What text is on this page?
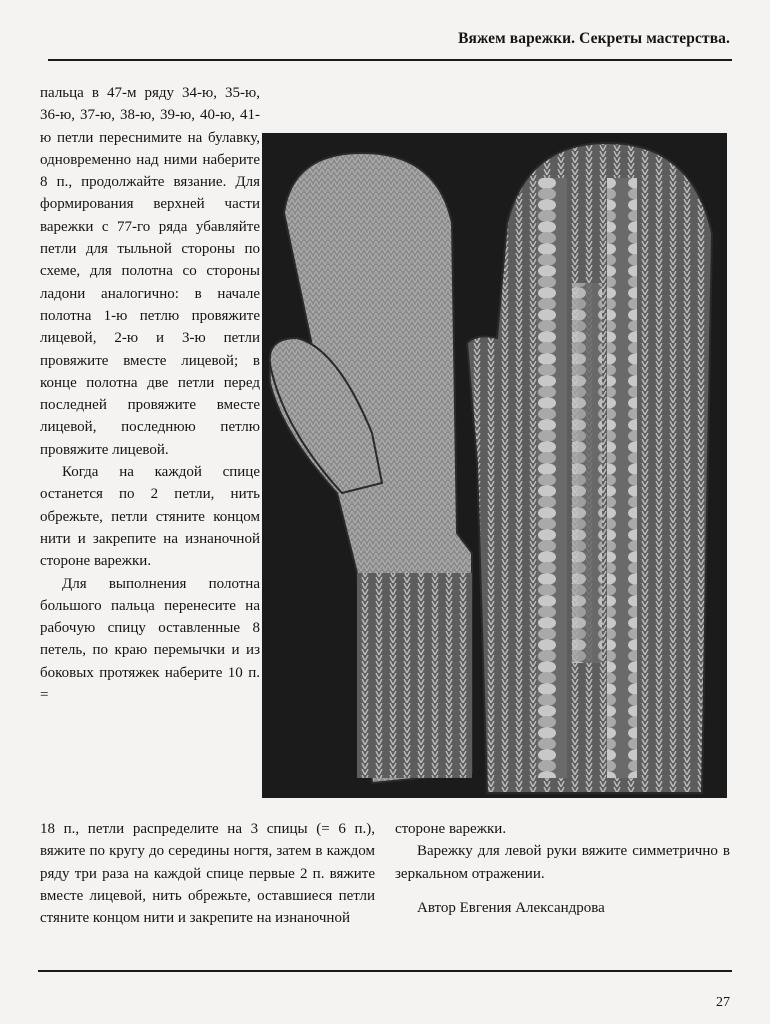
Вяжем варежки. Секреты мастерства.

пальца в 47-м ряду 34-ю, 35-ю, 36-ю, 37-ю, 38-ю, 39-ю, 40-ю, 41-ю петли переснимите на булавку, одновременно над ними наберите 8 п., продолжайте вязание. Для формирования верхней части варежки с 77-го ряда убавляйте петли для тыльной стороны по схеме, для полотна со стороны ладони аналогично: в начале полотна 1-ю петлю провяжите лицевой, 2-ю и 3-ю петли провяжите вместе лицевой; в конце полотна две петли перед последней провяжите вместе лицевой, последнюю петлю провяжите лицевой.

Когда на каждой спице останется по 2 петли, нить обрежьте, петли стяните концом нити и закрепите на изнаночной стороне варежки.

Для выполнения полотна большого пальца перенесите на рабочую спицу оставленные 8 петель, по краю перемычки и из боковых протяжек наберите 10 п. =

18 п., петли распределите на 3 спицы (= 6 п.), вяжите по кругу до середины ногтя, затем в каждом ряду три раза на каждой спице первые 2 п. вяжите вместе лицевой, нить обрежьте, оставшиеся петли стяните концом нити и закрепите на изнаночной

стороне варежки.

Варежку для левой руки вяжите симметрично в зеркальном отражении.

Автор Евгения Александрова

27
